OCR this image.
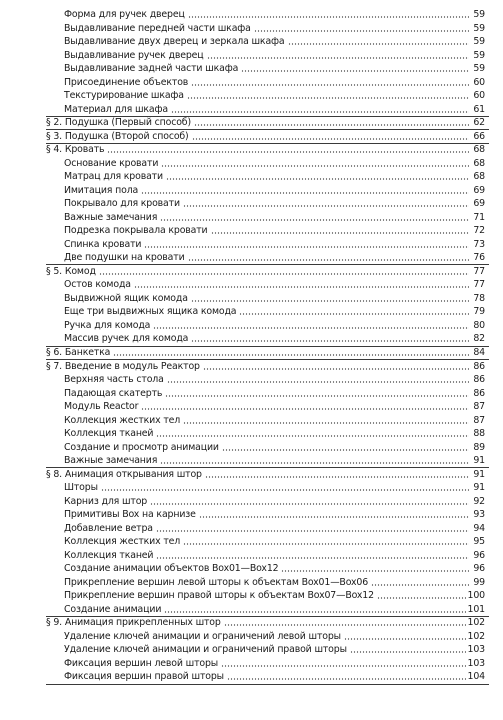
Форма для ручек дверец	59
Выдавливание передней части шкафа	59
Выдавливание двух дверец и зеркала шкафа	59
Выдавливание ручек дверец	59
Выдавливание задней части шкафа	59
Присоединение объектов	60
Текстурирование шкафа	60
Материал для шкафа	61
§ 2. Подушка (Первый способ)	62
§ 3. Подушка (Второй способ)	66
§ 4. Кровать	68
Основание кровати	68
Матрац для кровати	68
Имитация пола	69
Покрывало для кровати	69
Важные замечания	71
Подрезка покрывала кровати	72
Спинка кровати	73
Две подушки на кровати	76
§ 5. Комод	77
Остов комода	77
Выдвижной ящик комода	78
Еще три выдвижных ящика комода	79
Ручка для комода	80
Массив ручек для комода	82
§ 6. Банкетка	84
§ 7. Введение в модуль Реактор	86
Верхняя часть стола	86
Падающая скатерть	86
Модуль Reactor	87
Коллекция жестких тел	87
Коллекция тканей	88
Создание и просмотр анимации	89
Важные замечания	91
§ 8. Анимация открывания штор	91
Шторы	91
Карниз для штор	92
Примитивы Box на карнизе	93
Добавление ветра	94
Коллекция жестких тел	95
Коллекция тканей	96
Создание анимации объектов Box01—Box12	96
Прикрепление вершин левой шторы к объектам Box01—Box06	99
Прикрепление вершин правой шторы к объектам Box07—Box12	100
Создание анимации	101
§ 9. Анимация прикрепленных штор	102
Удаление ключей анимации и ограничений левой шторы	102
Удаление ключей анимации и ограничений правой шторы	103
Фиксация вершин левой шторы	103
Фиксация вершин правой шторы	104
